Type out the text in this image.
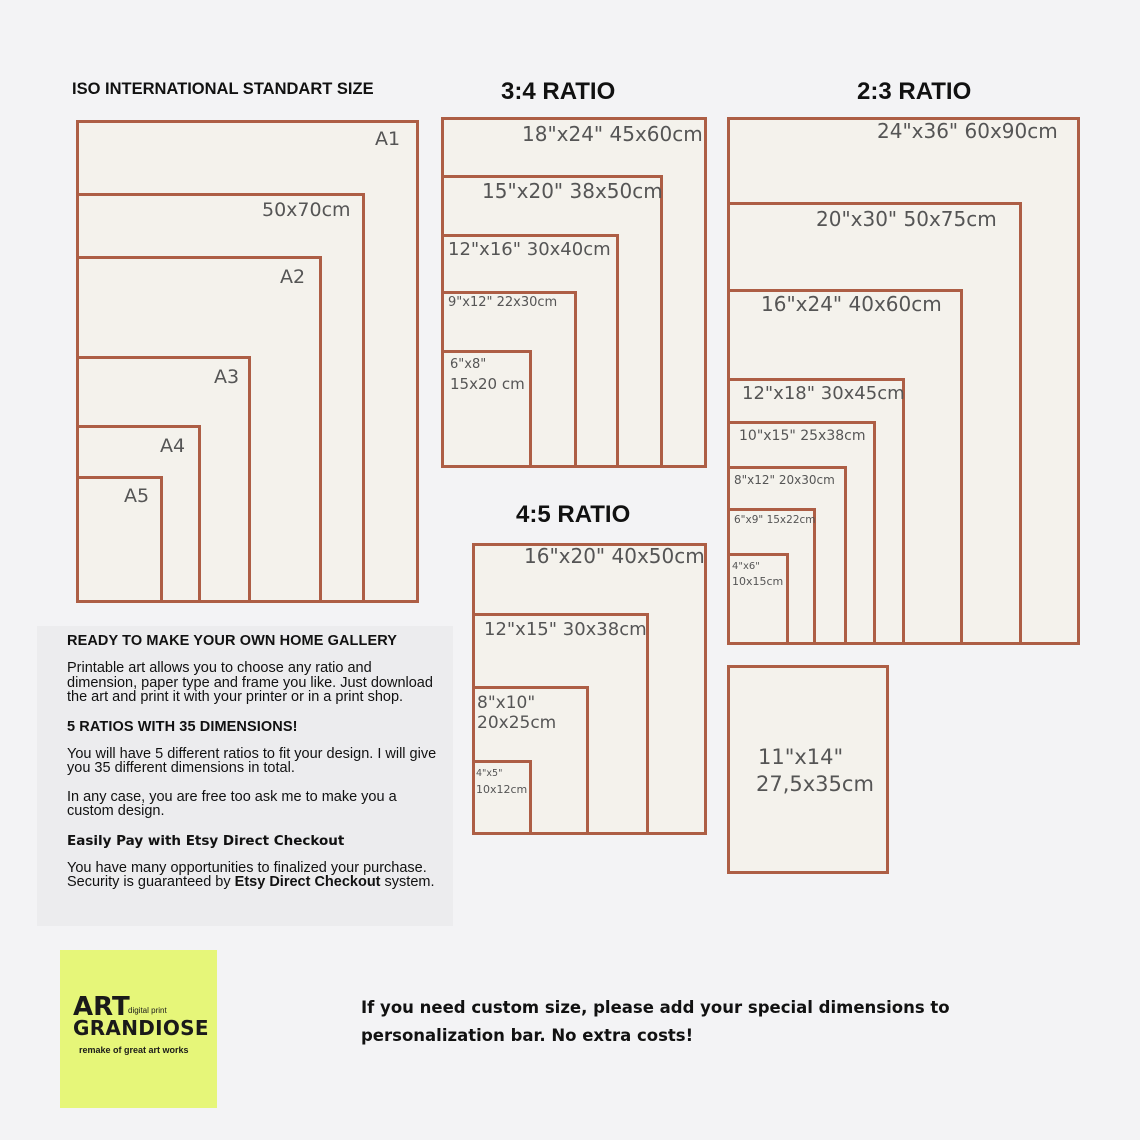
ISO INTERNATIONAL STANDART SIZE
A1
50x70cm
A2
A3
A4
A5
3:4 RATIO
18"x24" 45x60cm
15"x20" 38x50cm
12"x16" 30x40cm
9"x12" 22x30cm
6"x8"
15x20 cm
2:3 RATIO
24"x36" 60x90cm
20"x30" 50x75cm
16"x24" 40x60cm
12"x18" 30x45cm
10"x15" 25x38cm
8"x12" 20x30cm
6"x9" 15x22cm
4"x6"
10x15cm
4:5 RATIO
16"x20" 40x50cm
12"x15" 30x38cm
8"x10"
20x25cm
4"x5"
10x12cm
11"x14"
27,5x35cm

READY TO MAKE YOUR OWN HOME GALLERY

Printable art allows you to choose any ratio and dimension, paper type and frame you like. Just download the art and print it with your printer or in a print shop.

5 RATIOS WITH 35 DIMENSIONS!

You will have 5 different ratios to fit your design. I will give you 35 different dimensions in total.

In any case, you are free too ask me to make you a custom design.

Easily Pay with Etsy Direct Checkout

You have many opportunities to finalized your purchase. Security is guaranteed by Etsy Direct Checkout system.

ART
digital print
GRANDIOSE
remake of great art works

If you need custom size, please add your special dimensions to personalization bar. No extra costs!
